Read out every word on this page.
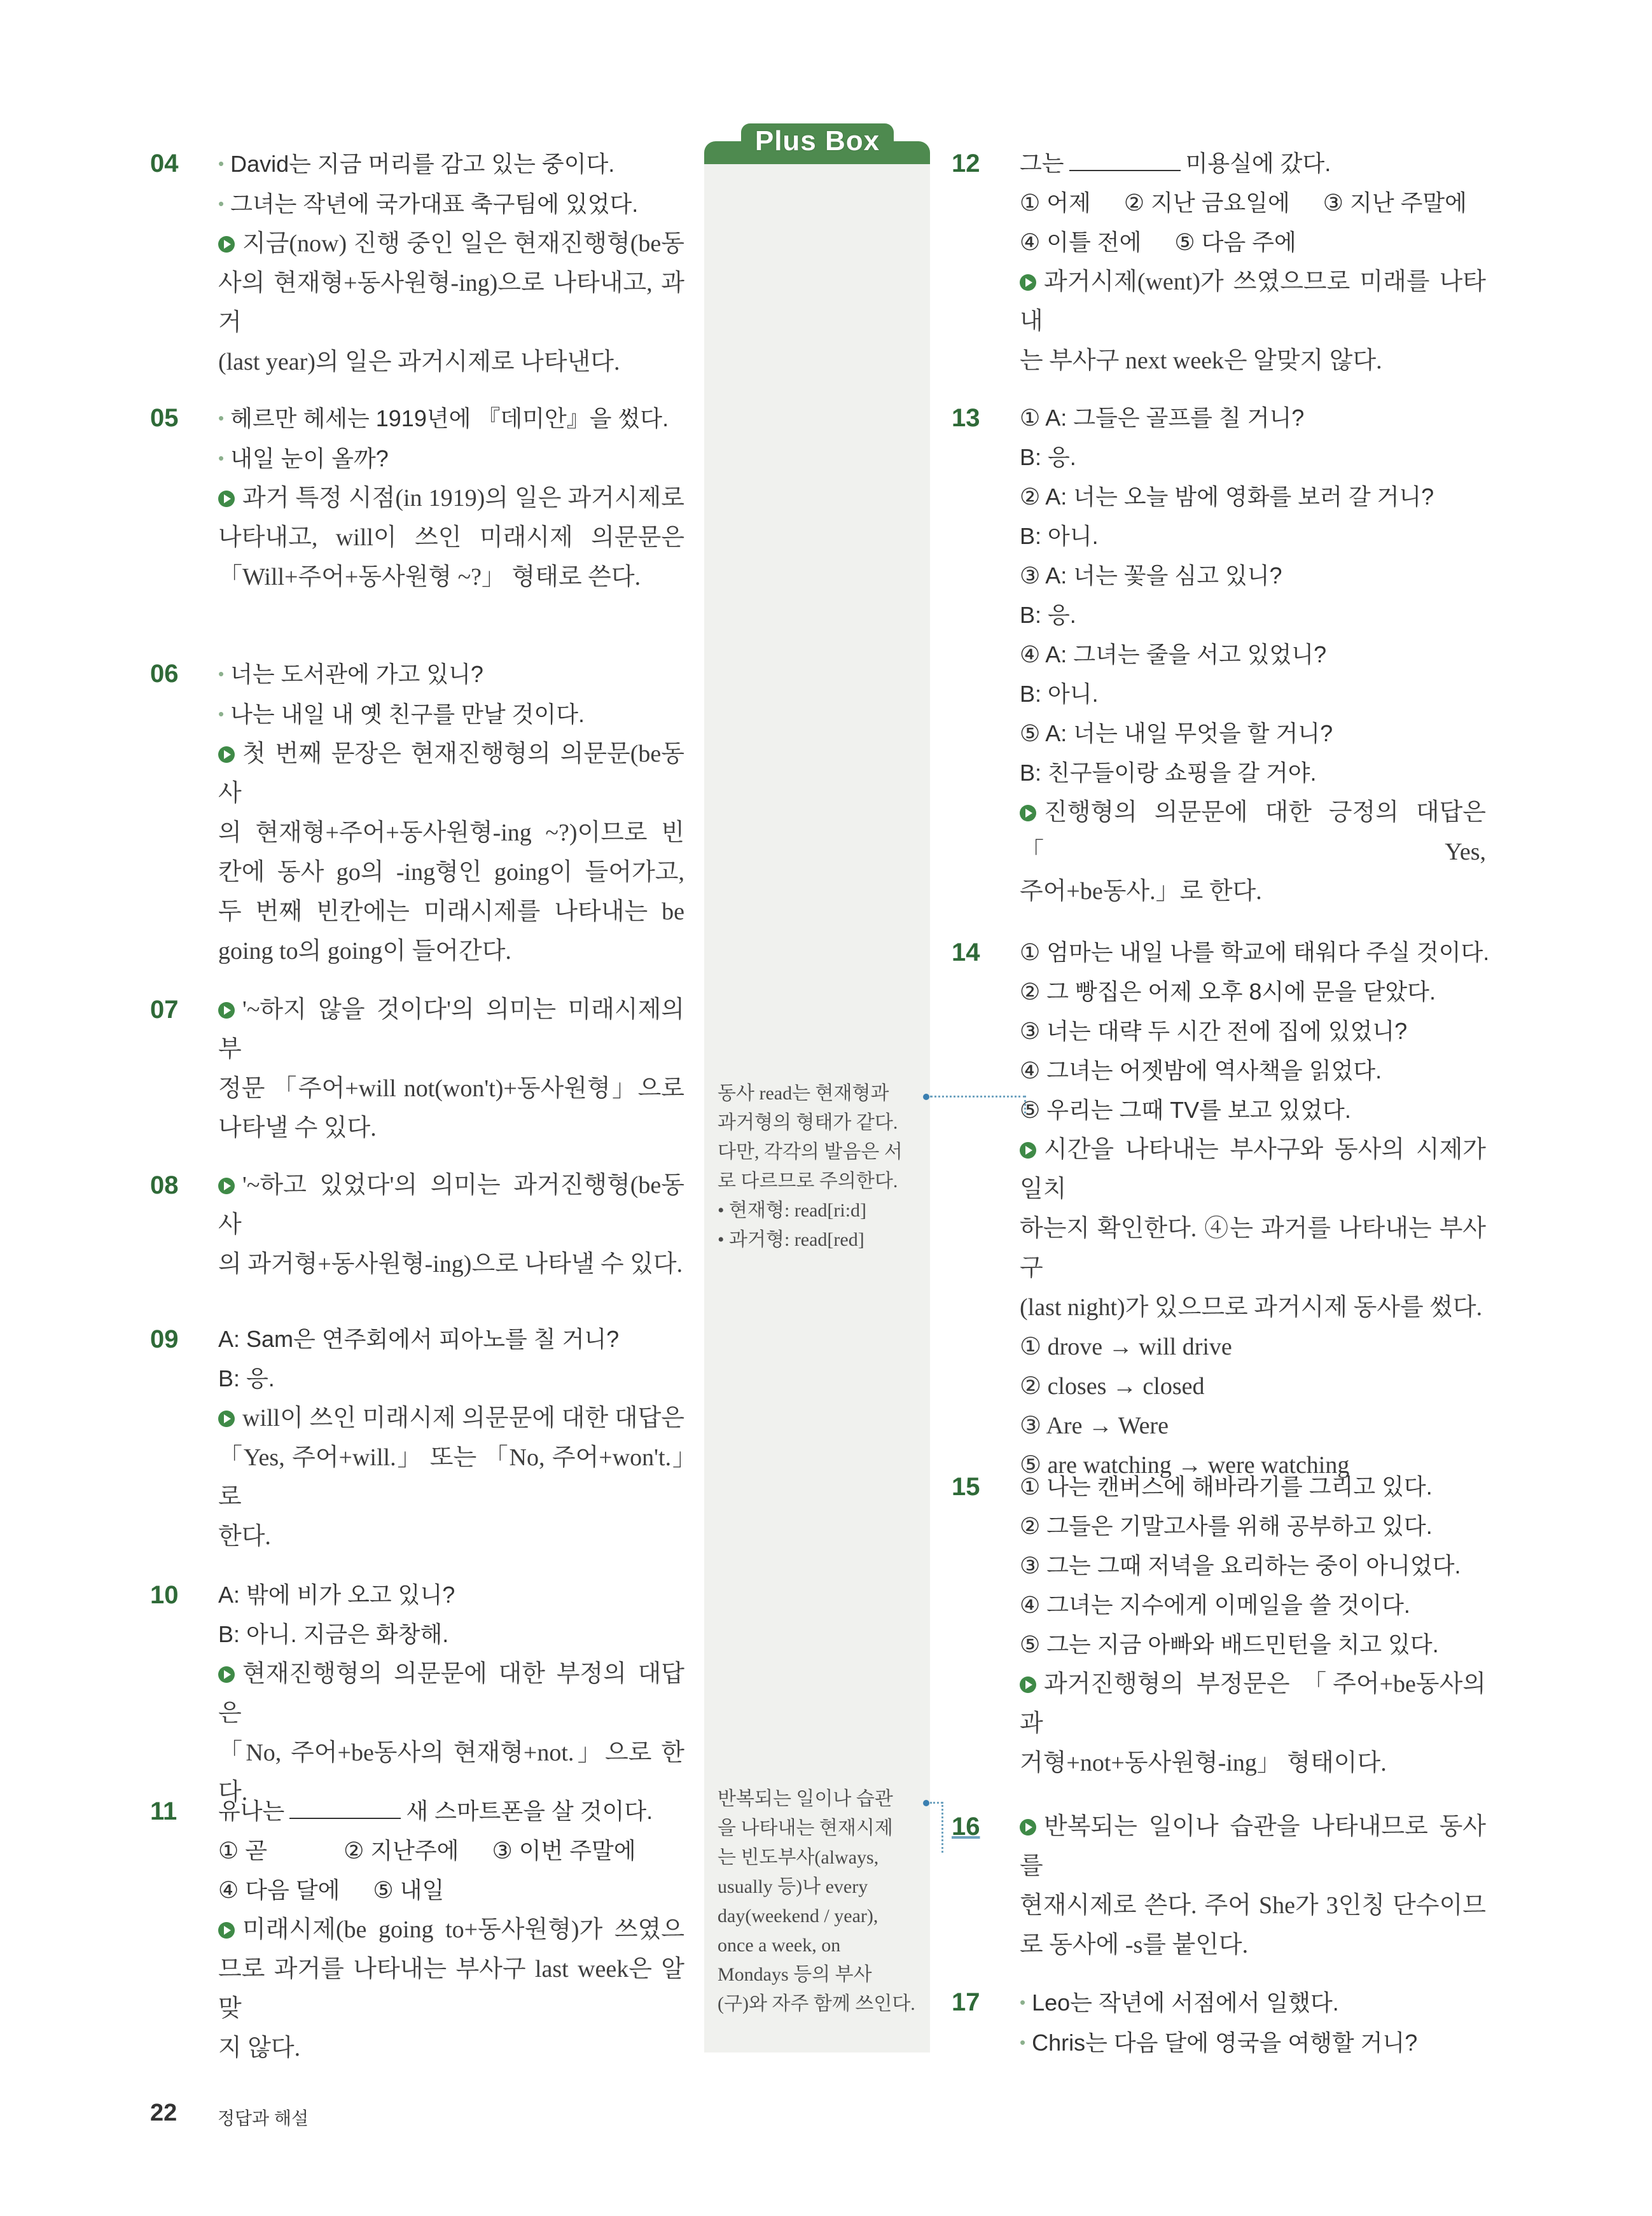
Plus Box
동사 read는 현재형과
과거형의 형태가 같다.
다만, 각각의 발음은 서
로 다르므로 주의한다.
• 현재형: read[ri:d]
• 과거형: read[red]
반복되는 일이나 습관
을 나타내는 현재시제
는 빈도부사(always,
usually 등)나 every
day(weekend / year),
once a week, on
Mondays 등의 부사
(구)와 자주 함께 쓰인다.
04	• David는 지금 머리를 감고 있는 중이다.
• 그녀는 작년에 국가대표 축구팀에 있었다.
지금(now) 진행 중인 일은 현재진행형(be동
사의 현재형+동사원형-ing)으로 나타내고, 과거
(last year)의 일은 과거시제로 나타낸다.
05	• 헤르만 헤세는 1919년에 『데미안』을 썼다.
• 내일 눈이 올까?
과거 특정 시점(in 1919)의 일은 과거시제로
나타내고, will이 쓰인 미래시제 의문문은
「Will+주어+동사원형 ~?」 형태로 쓴다.
06	• 너는 도서관에 가고 있니?
• 나는 내일 내 옛 친구를 만날 것이다.
첫 번째 문장은 현재진행형의 의문문(be동사
의 현재형+주어+동사원형-ing ~?)이므로 빈
칸에 동사 go의 -ing형인 going이 들어가고,
두 번째 빈칸에는 미래시제를 나타내는 be
going to의 going이 들어간다.
07	'~하지 않을 것이다'의 의미는 미래시제의 부
정문 「주어+will not(won't)+동사원형」으로
나타낼 수 있다.
08	'~하고 있었다'의 의미는 과거진행형(be동사
의 과거형+동사원형-ing)으로 나타낼 수 있다.
09 A: Sam은 연주회에서 피아노를 칠 거니?
B: 응.
will이 쓰인 미래시제 의문문에 대한 대답은
「Yes, 주어+will.」 또는 「No, 주어+won't.」로
한다.
10 A: 밖에 비가 오고 있니?
B: 아니. 지금은 화창해.
현재진행형의 의문문에 대한 부정의 대답은
「No, 주어+be동사의 현재형+not.」으로 한다.
11 유나는	새 스마트폰을 살 것이다.
① 곧	② 지난주에 ③ 이번 주말에
④ 다음 달에 ⑤ 내일
미래시제(be going to+동사원형)가 쓰였으
므로 과거를 나타내는 부사구 last week은 알맞
지 않다.
12 그는	미용실에 갔다.
① 어제 ② 지난 금요일에 ③ 지난 주말에
④ 이틀 전에 ⑤ 다음 주에
과거시제(went)가 쓰였으므로 미래를 나타내
는 부사구 next week은 알맞지 않다.
13 ① A: 그들은 골프를 칠 거니?
B: 응.
② A: 너는 오늘 밤에 영화를 보러 갈 거니?
B: 아니.
③ A: 너는 꽃을 심고 있니?
B: 응.
④ A: 그녀는 줄을 서고 있었니?
B: 아니.
⑤ A: 너는 내일 무엇을 할 거니?
B: 친구들이랑 쇼핑을 갈 거야.
진행형의 의문문에 대한 긍정의 대답은 「Yes,
주어+be동사.」로 한다.
14 ① 엄마는 내일 나를 학교에 태워다 주실 것이다.
② 그 빵집은 어제 오후 8시에 문을 닫았다.
③ 너는 대략 두 시간 전에 집에 있었니?
④ 그녀는 어젯밤에 역사책을 읽었다.
⑤ 우리는 그때 TV를 보고 있었다.
시간을 나타내는 부사구와 동사의 시제가 일치
하는지 확인한다. ④는 과거를 나타내는 부사구
(last night)가 있으므로 과거시제 동사를 썼다.
① drove → will drive
② closes → closed
③ Are → Were
⑤ are watching → were watching
15 ① 나는 캔버스에 해바라기를 그리고 있다.
② 그들은 기말고사를 위해 공부하고 있다.
③ 그는 그때 저녁을 요리하는 중이 아니었다.
④ 그녀는 지수에게 이메일을 쓸 것이다.
⑤ 그는 지금 아빠와 배드민턴을 치고 있다.
과거진행형의 부정문은 「주어+be동사의 과
거형+not+동사원형-ing」 형태이다.
16	반복되는 일이나 습관을 나타내므로 동사를
현재시제로 쓴다. 주어 She가 3인칭 단수이므
로 동사에 -s를 붙인다.
17	• Leo는 작년에 서점에서 일했다.
• Chris는 다음 달에 영국을 여행할 거니?
22 정답과 해설
